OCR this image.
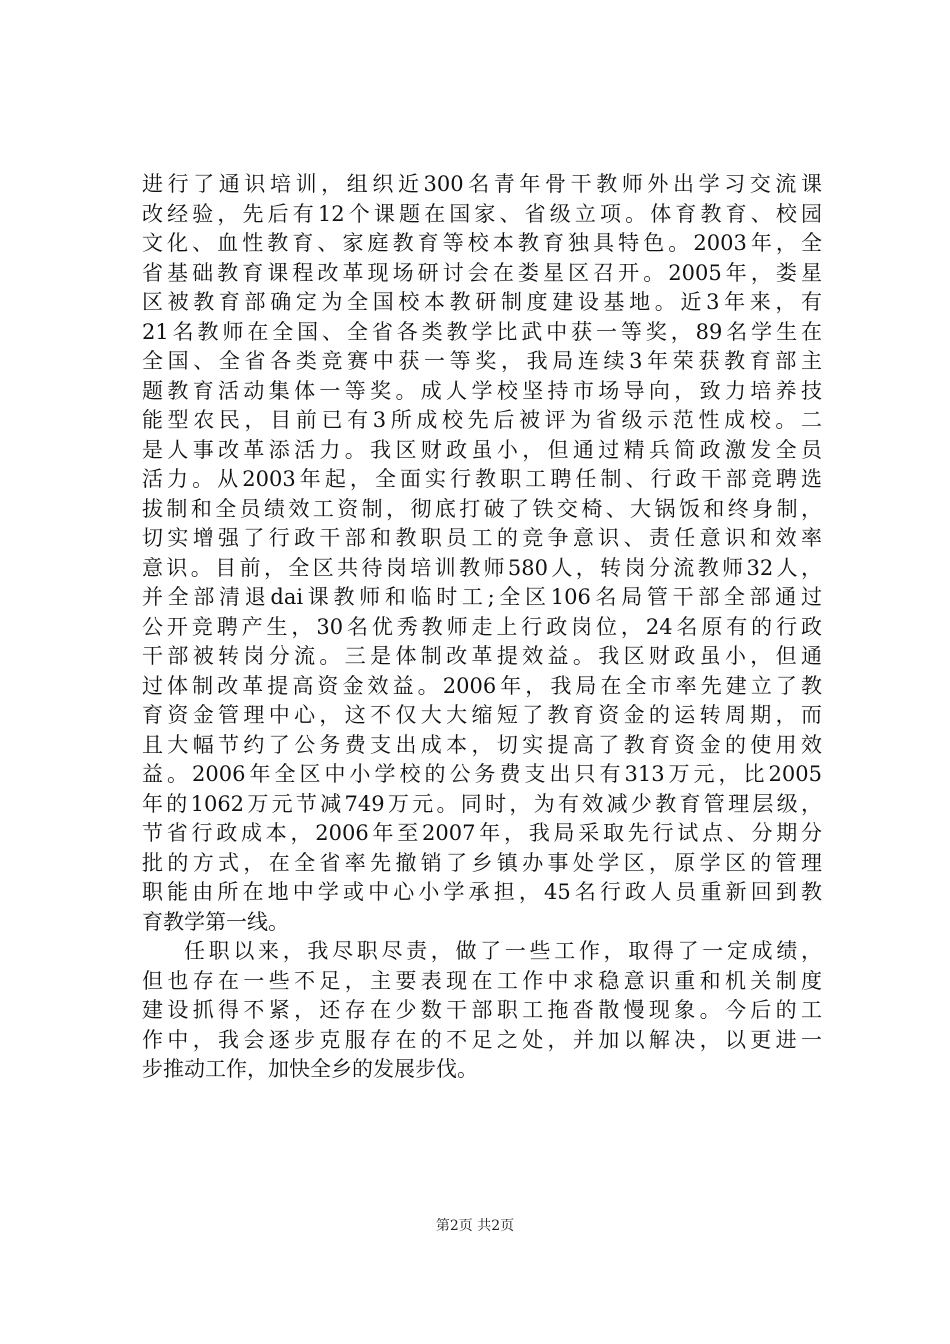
进行了通识培训，组织近300名青年骨干教师外出学习交流课
改经验，先后有12个课题在国家、省级立项。体育教育、校园
文化、血性教育、家庭教育等校本教育独具特色。2003年，全
省基础教育课程改革现场研讨会在娄星区召开。2005年，娄星
区被教育部确定为全国校本教研制度建设基地。近3年来，有
21名教师在全国、全省各类教学比武中获一等奖，89名学生在
全国、全省各类竞赛中获一等奖，我局连续3年荣获教育部主
题教育活动集体一等奖。成人学校坚持市场导向，致力培养技
能型农民，目前已有3所成校先后被评为省级示范性成校。二
是人事改革添活力。我区财政虽小，但通过精兵简政激发全员
活力。从2003年起，全面实行教职工聘任制、行政干部竞聘选
拔制和全员绩效工资制，彻底打破了铁交椅、大锅饭和终身制，
切实增强了行政干部和教职员工的竞争意识、责任意识和效率
意识。目前，全区共待岗培训教师580人，转岗分流教师32人，
并全部清退dai课教师和临时工;全区106名局管干部全部通过
公开竞聘产生，30名优秀教师走上行政岗位，24名原有的行政
干部被转岗分流。三是体制改革提效益。我区财政虽小，但通
过体制改革提高资金效益。2006年，我局在全市率先建立了教
育资金管理中心，这不仅大大缩短了教育资金的运转周期，而
且大幅节约了公务费支出成本，切实提高了教育资金的使用效
益。2006年全区中小学校的公务费支出只有313万元，比2005
年的1062万元节减749万元。同时，为有效减少教育管理层级，
节省行政成本，2006年至2007年，我局采取先行试点、分期分
批的方式，在全省率先撤销了乡镇办事处学区，原学区的管理
职能由所在地中学或中心小学承担，45名行政人员重新回到教
育教学第一线。
任职以来，我尽职尽责，做了一些工作，取得了一定成绩，
但也存在一些不足，主要表现在工作中求稳意识重和机关制度
建设抓得不紧，还存在少数干部职工拖沓散慢现象。今后的工
作中，我会逐步克服存在的不足之处，并加以解决，以更进一
步推动工作，加快全乡的发展步伐。
第2页 共2页
